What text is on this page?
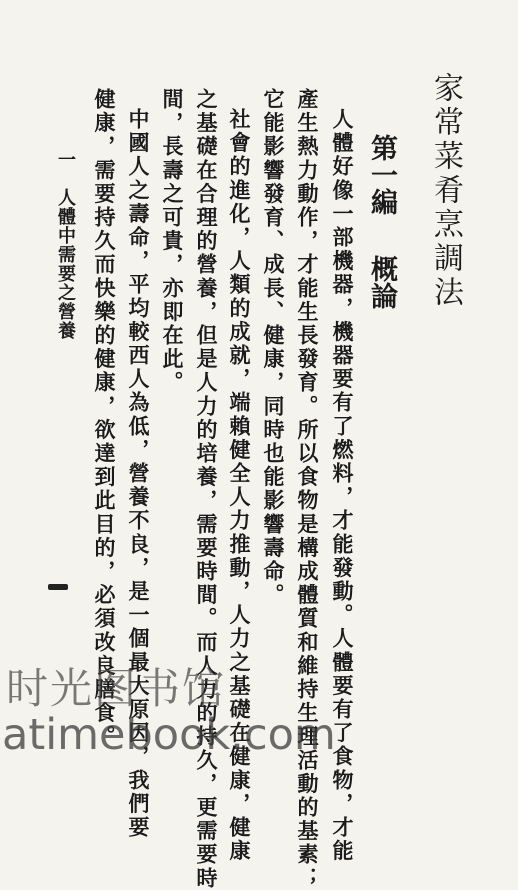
家常菜肴烹調法
第一編概論
人體好像一部機器，機器要有了燃料，才能發動。人體要有了食物，才能
產生熱力動作，才能生長發育。所以食物是構成體質和維持生理活動的基素；
它能影響發育、成長、健康，同時也能影響壽命。
社會的進化，人類的成就，端賴健全人力推動，人力之基礎在健康，健康
之基礎在合理的營養，但是人力的培養，需要時間。而人力的持久，更需要時
間，長壽之可貴，亦即在此。
中國人之壽命，平均較西人為低，營養不良，是一個最大原因，我們要
健康，需要持久而快樂的健康，欲達到此目的，必須改良膳食。
一　人體中需要之營養
时光图书馆
atimebook.com
